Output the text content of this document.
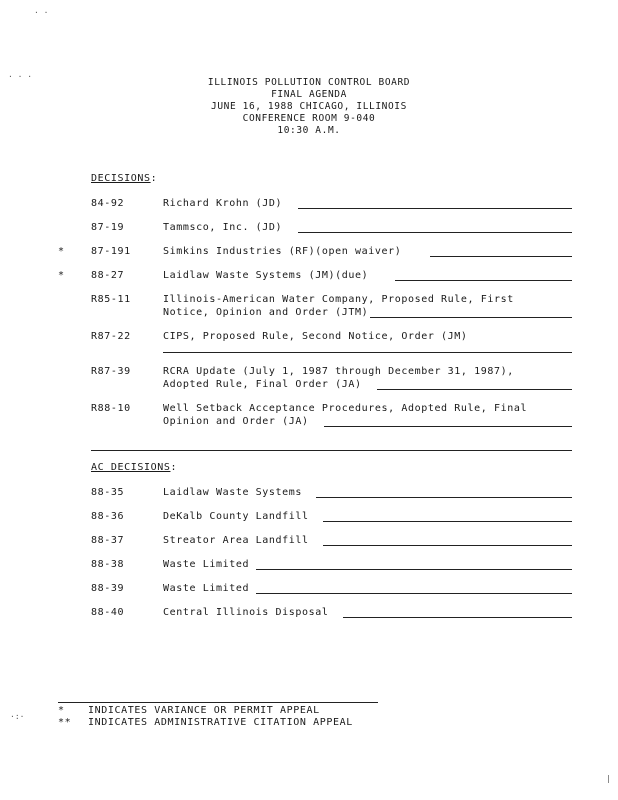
ILLINOIS POLLUTION CONTROL BOARD
FINAL AGENDA
JUNE 16, 1988 CHICAGO, ILLINOIS
CONFERENCE ROOM 9-040
10:30 A.M.
DECISIONS:
84-92	Richard Krohn (JD)
87-19	Tammsco, Inc. (JD)
*	87-191	Simkins Industries (RF)(open waiver)
*	88-27	Laidlaw Waste Systems (JM)(due)
R85-11	Illinois-American Water Company, Proposed Rule, First
Notice, Opinion and Order (JTM)
R87-22	CIPS, Proposed Rule, Second Notice, Order (JM)
R87-39	RCRA Update (July 1, 1987 through December 31, 1987),
Adopted Rule, Final Order (JA)
R88-10	Well Setback Acceptance Procedures, Adopted Rule, Final
Opinion and Order (JA)
AC DECISIONS:
88-35	Laidlaw Waste Systems
88-36	DeKalb County Landfill
88-37	Streator Area Landfill
88-38	Waste Limited
88-39	Waste Limited
88-40	Central Illinois Disposal
* INDICATES VARIANCE OR PERMIT APPEAL
** INDICATES ADMINISTRATIVE CITATION APPEAL
· ·
· · ·
·:·
|
